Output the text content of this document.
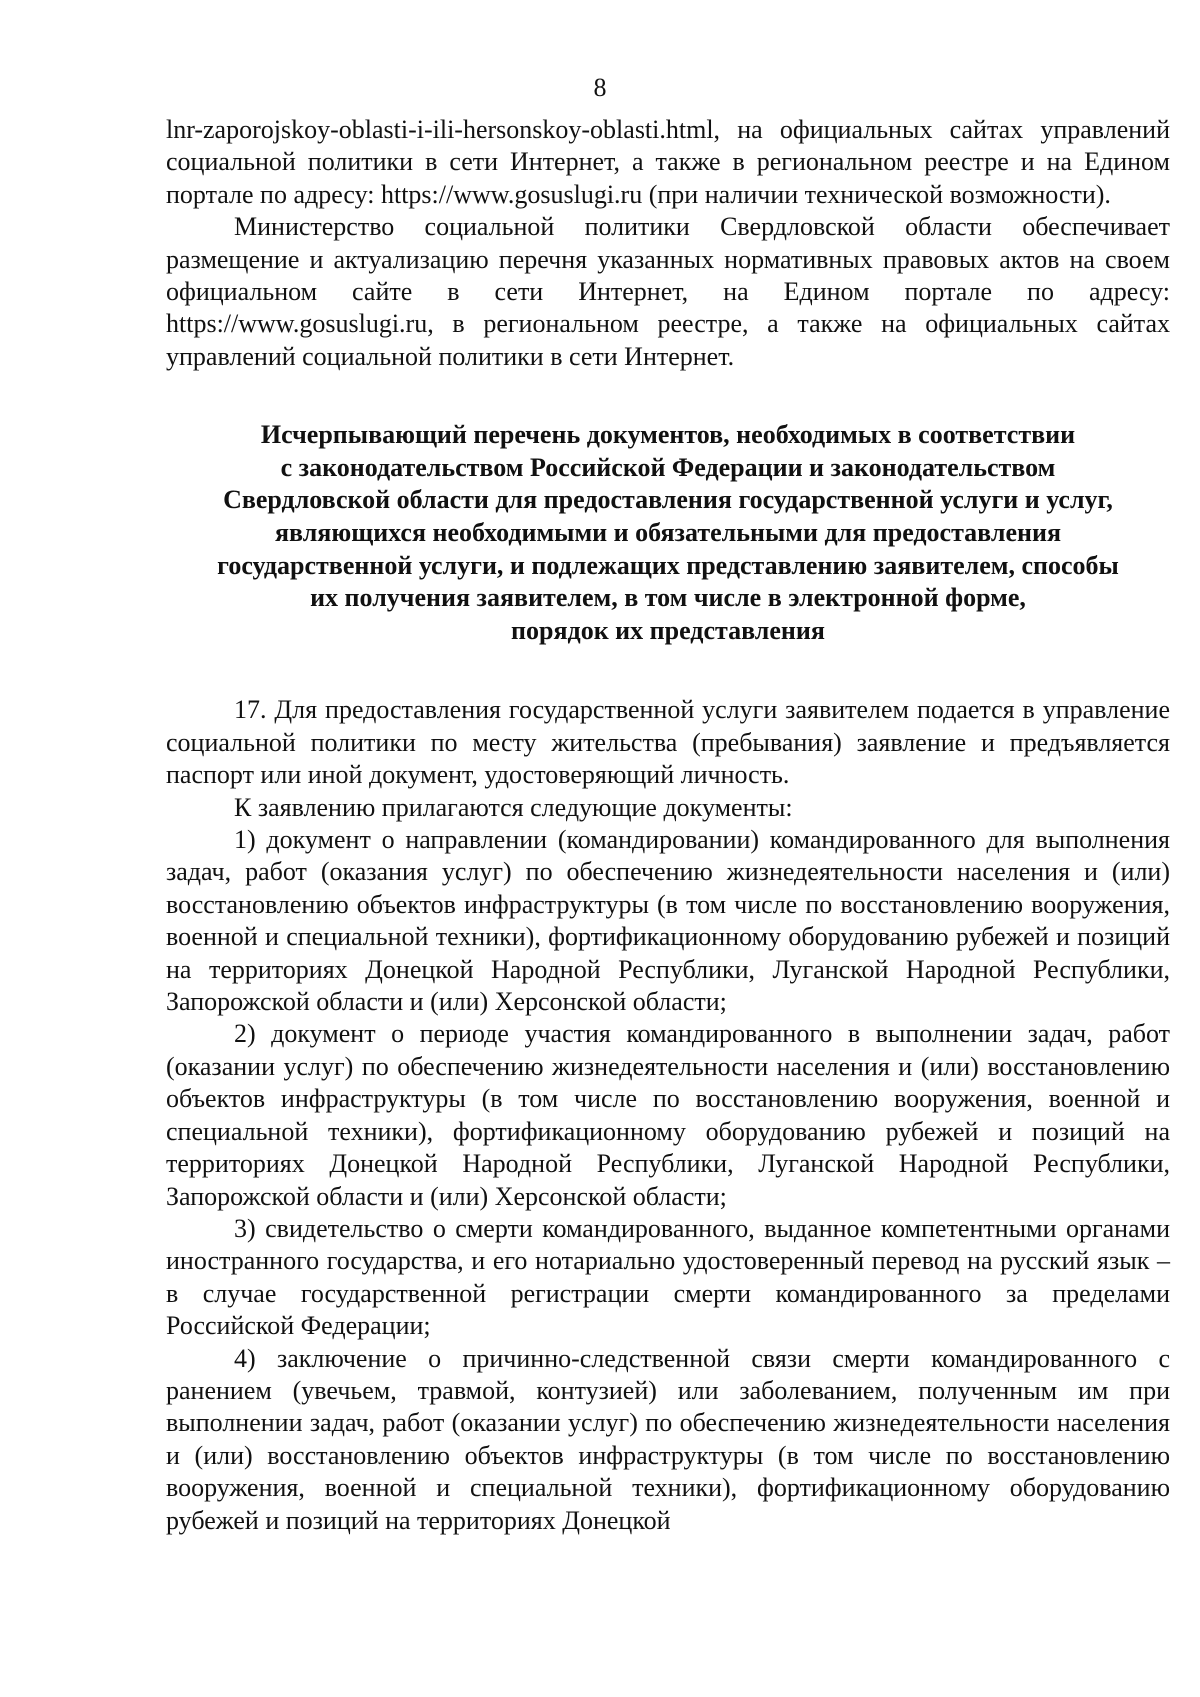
8

lnr-zaporojskoy-oblasti-i-ili-hersonskoy-oblasti.html, на официальных сайтах управлений социальной политики в сети Интернет, а также в региональном реестре и на Едином портале по адресу: https://www.gosuslugi.ru (при наличии технической возможности).

Министерство социальной политики Свердловской области обеспечивает размещение и актуализацию перечня указанных нормативных правовых актов на своем официальном сайте в сети Интернет, на Едином портале по адресу: https://www.gosuslugi.ru, в региональном реестре, а также на официальных сайтах управлений социальной политики в сети Интернет.

Исчерпывающий перечень документов, необходимых в соответствии
с законодательством Российской Федерации и законодательством
Свердловской области для предоставления государственной услуги и услуг,
являющихся необходимыми и обязательными для предоставления
государственной услуги, и подлежащих представлению заявителем, способы
их получения заявителем, в том числе в электронной форме,
порядок их представления

17. Для предоставления государственной услуги заявителем подается в управление социальной политики по месту жительства (пребывания) заявление и предъявляется паспорт или иной документ, удостоверяющий личность.

К заявлению прилагаются следующие документы:

1) документ о направлении (командировании) командированного для выполнения задач, работ (оказания услуг) по обеспечению жизнедеятельности населения и (или) восстановлению объектов инфраструктуры (в том числе по восстановлению вооружения, военной и специальной техники), фортификационному оборудованию рубежей и позиций на территориях Донецкой Народной Республики, Луганской Народной Республики, Запорожской области и (или) Херсонской области;

2) документ о периоде участия командированного в выполнении задач, работ (оказании услуг) по обеспечению жизнедеятельности населения и (или) восстановлению объектов инфраструктуры (в том числе по восстановлению вооружения, военной и специальной техники), фортификационному оборудованию рубежей и позиций на территориях Донецкой Народной Республики, Луганской Народной Республики, Запорожской области и (или) Херсонской области;

3) свидетельство о смерти командированного, выданное компетентными органами иностранного государства, и его нотариально удостоверенный перевод на русский язык – в случае государственной регистрации смерти командированного за пределами Российской Федерации;

4) заключение о причинно-следственной связи смерти командированного с ранением (увечьем, травмой, контузией) или заболеванием, полученным им при выполнении задач, работ (оказании услуг) по обеспечению жизнедеятельности населения и (или) восстановлению объектов инфраструктуры (в том числе по восстановлению вооружения, военной и специальной техники), фортификационному оборудованию рубежей и позиций на территориях Донецкой
